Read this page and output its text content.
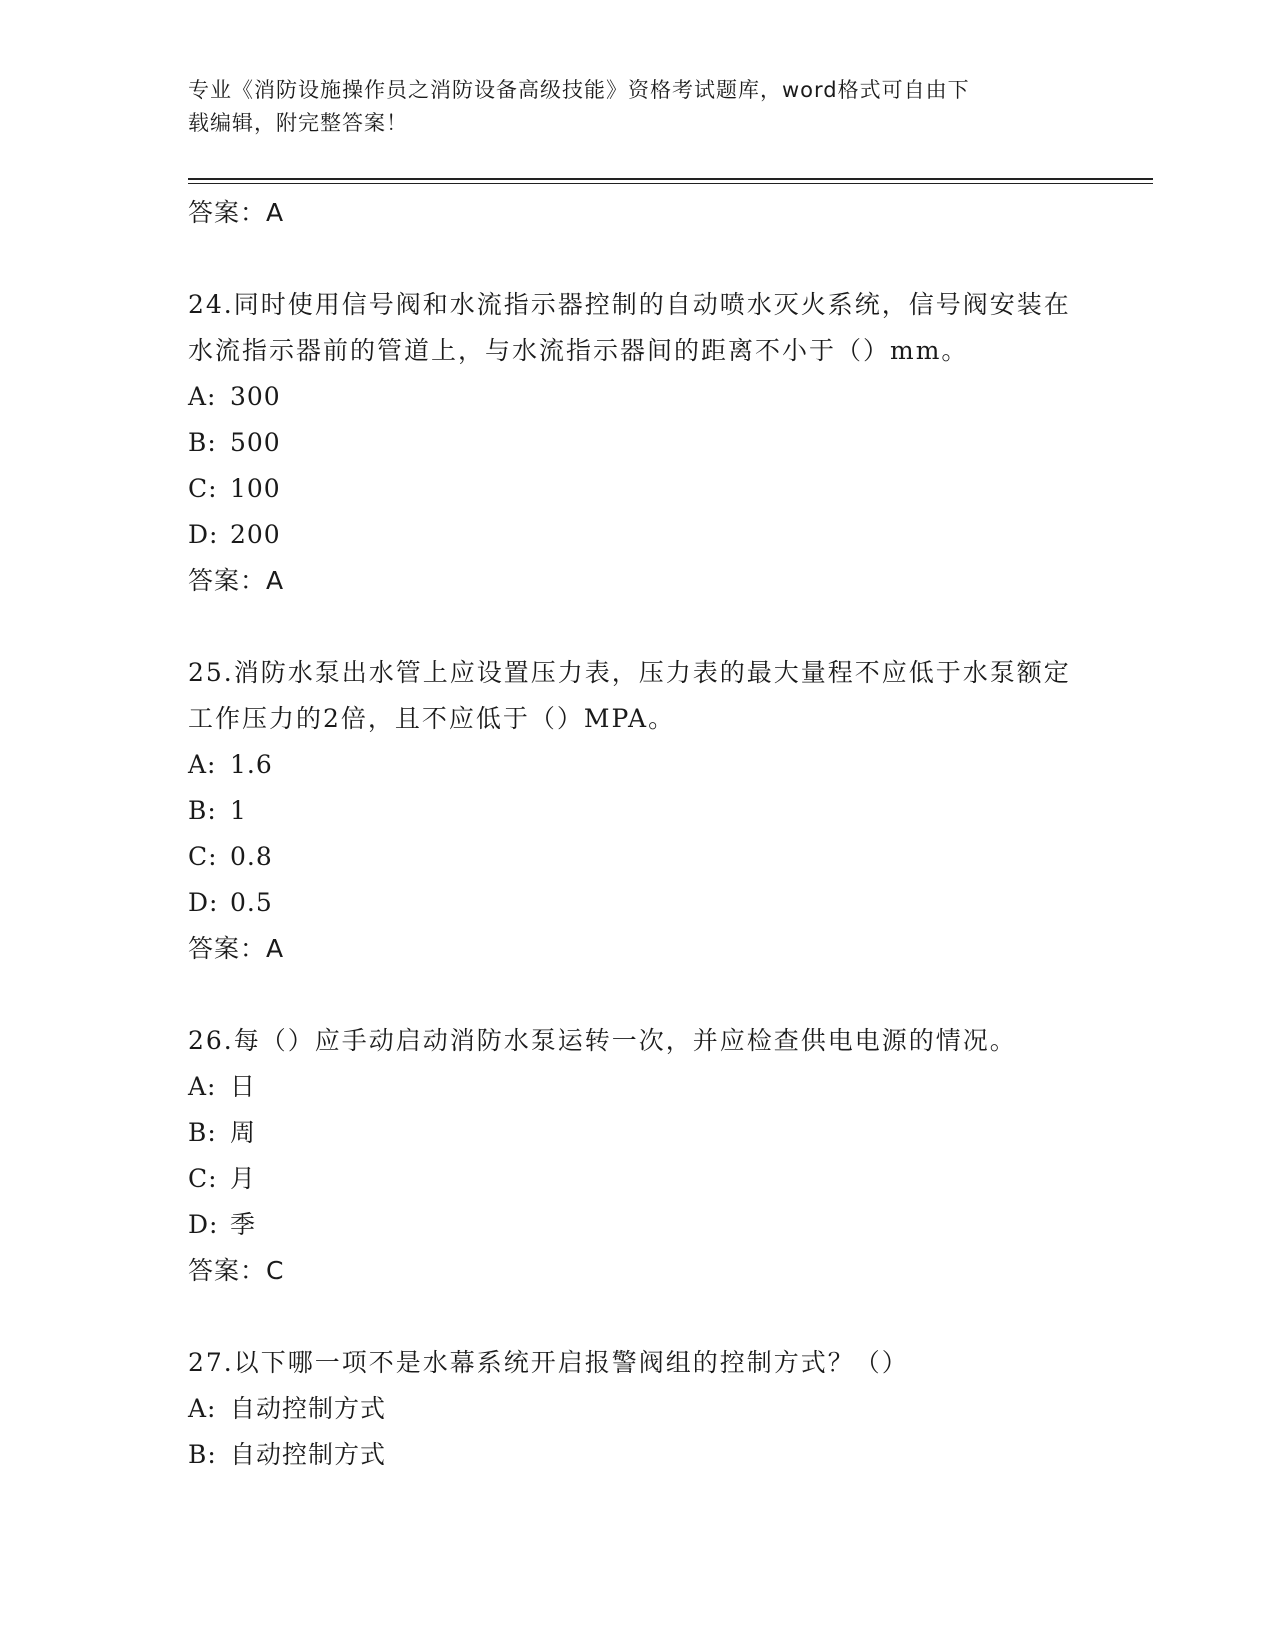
专业《消防设施操作员之消防设备高级技能》资格考试题库，word格式可自由下
载编辑，附完整答案！
答案：A
24.同时使用信号阀和水流指示器控制的自动喷水灭火系统，信号阀安装在水流指示器前的管道上，与水流指示器间的距离不小于（）mm。
A: 300
B: 500
C: 100
D: 200
答案：A
25.消防水泵出水管上应设置压力表，压力表的最大量程不应低于水泵额定工作压力的2倍，且不应低于（）MPA。
A: 1.6
B: 1
C: 0.8
D: 0.5
答案：A
26.每（）应手动启动消防水泵运转一次，并应检查供电电源的情况。
A: 日
B: 周
C: 月
D: 季
答案：C
27.以下哪一项不是水幕系统开启报警阀组的控制方式？（）
A: 自动控制方式
B: 自动控制方式
